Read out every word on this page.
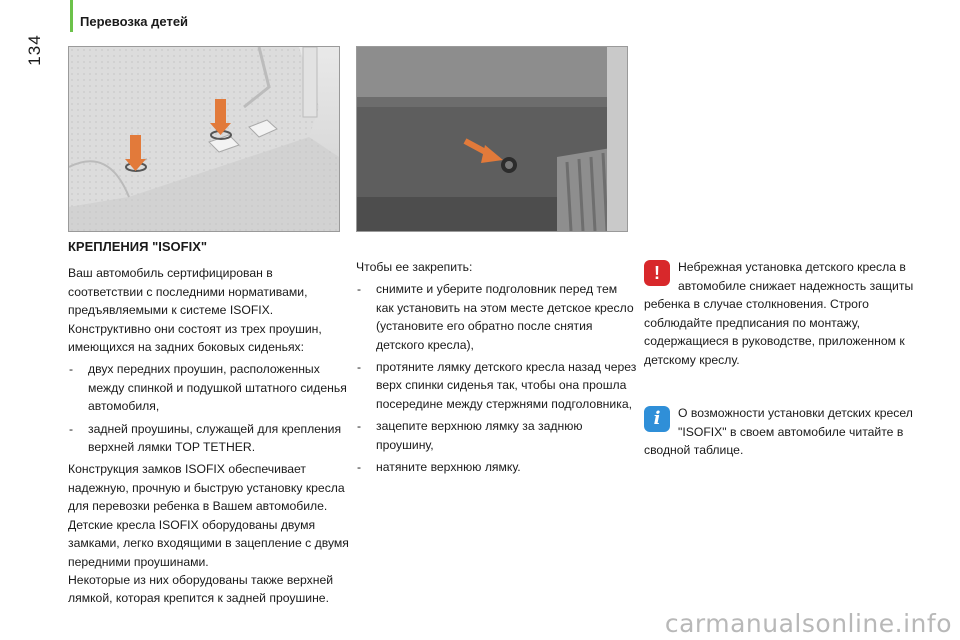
134
Перевозка детей
КРЕПЛЕНИЯ "ISOFIX"

Ваш автомобиль сертифицирован в соответствии с последними нормативами, предъявляемыми к системе ISOFIX.

Конструктивно они состоят из трех проушин, имеющихся на задних боковых сиденьях:

- двух передних проушин, расположенных между спинкой и подушкой штатного сиденья автомобиля,
- задней проушины, служащей для крепления верхней лямки TOP TETHER.

Конструкция замков ISOFIX обеспечивает надежную, прочную и быструю установку кресла для перевозки ребенка в Вашем автомобиле.

Детские кресла ISOFIX оборудованы двумя замками, легко входящими в зацепление с двумя передними проушинами.

Некоторые из них оборудованы также верхней лямкой, которая крепится к задней проушине.

Чтобы ее закрепить:

- снимите и уберите подголовник перед тем как установить на этом месте детское кресло (установите его обратно после снятия детского кресла),
- протяните лямку детского кресла назад через верх спинки сиденья так, чтобы она прошла посередине между стержнями подголовника,
- зацепите верхнюю лямку за заднюю проушину,
- натяните верхнюю лямку.
!	Небрежная установка детского кресла в автомобиле снижает надежность защиты ребенка в случае столкновения. Строго соблюдайте предписания по монтажу, содержащиеся в руководстве, приложенном к детскому креслу.

i	О возможности установки детских кресел "ISOFIX" в своем автомобиле читайте в сводной таблице.

carmanualsonline.info
